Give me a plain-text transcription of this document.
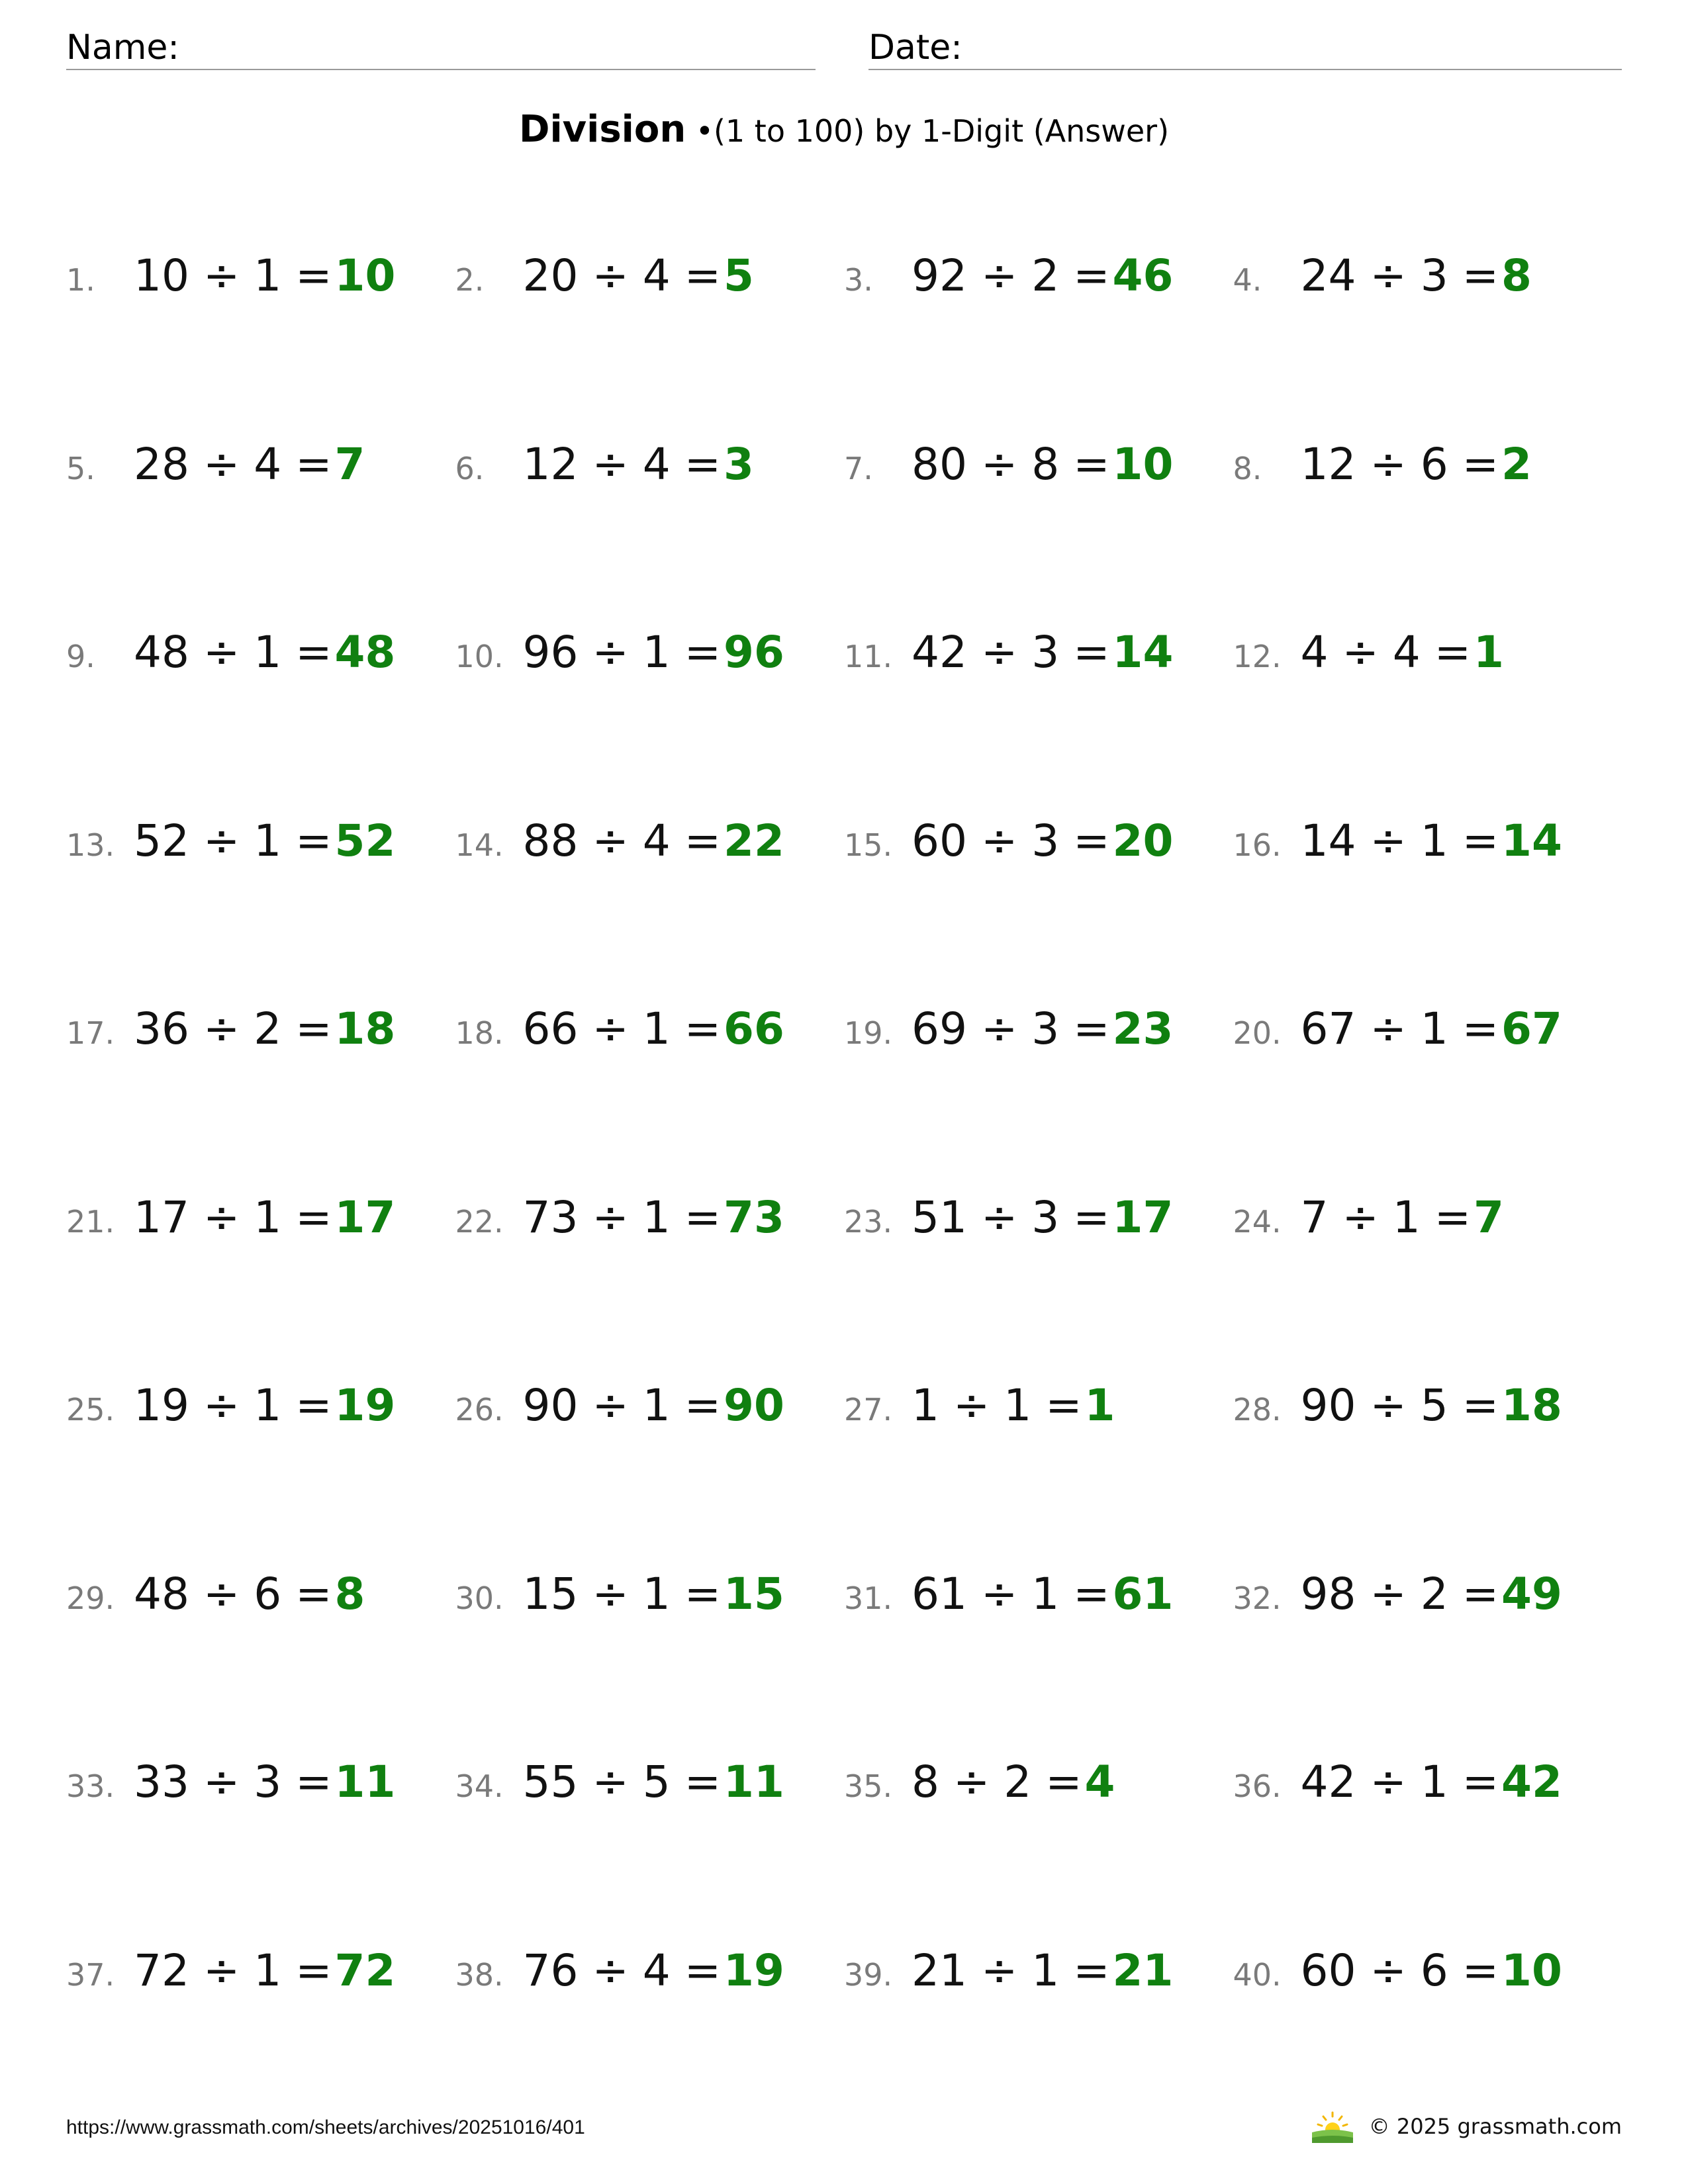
Name:	Date:
Division •(1 to 100) by 1-Digit (Answer)
1. 10 ÷ 1 = 10 2. 20 ÷ 4 = 5	3. 92 ÷ 2 = 46 4. 24 ÷ 3 = 8
5. 28 ÷ 4 = 7	6. 12 ÷ 4 = 3	7. 80 ÷ 8 = 10 8. 12 ÷ 6 = 2
9. 48 ÷ 1 = 48 10. 96 ÷ 1 = 96 11. 42 ÷ 3 = 14 12. 4 ÷ 4 = 1
13. 52 ÷ 1 = 52 14. 88 ÷ 4 = 22 15. 60 ÷ 3 = 20 16. 14 ÷ 1 = 14
17. 36 ÷ 2 = 18 18. 66 ÷ 1 = 66 19. 69 ÷ 3 = 23 20. 67 ÷ 1 = 67
21. 17 ÷ 1 = 17 22. 73 ÷ 1 = 73 23. 51 ÷ 3 = 17 24. 7 ÷ 1 = 7
25. 19 ÷ 1 = 19 26. 90 ÷ 1 = 90 27. 1 ÷ 1 = 1	28. 90 ÷ 5 = 18
29. 48 ÷ 6 = 8	30. 15 ÷ 1 = 15 31. 61 ÷ 1 = 61 32. 98 ÷ 2 = 49
33. 33 ÷ 3 = 11 34. 55 ÷ 5 = 11 35. 8 ÷ 2 = 4	36. 42 ÷ 1 = 42
37. 72 ÷ 1 = 72 38. 76 ÷ 4 = 19 39. 21 ÷ 1 = 21 40. 60 ÷ 6 = 10
https://www.grassmath.com/sheets/archives/20251016/401	© 2025 grassmath.com
